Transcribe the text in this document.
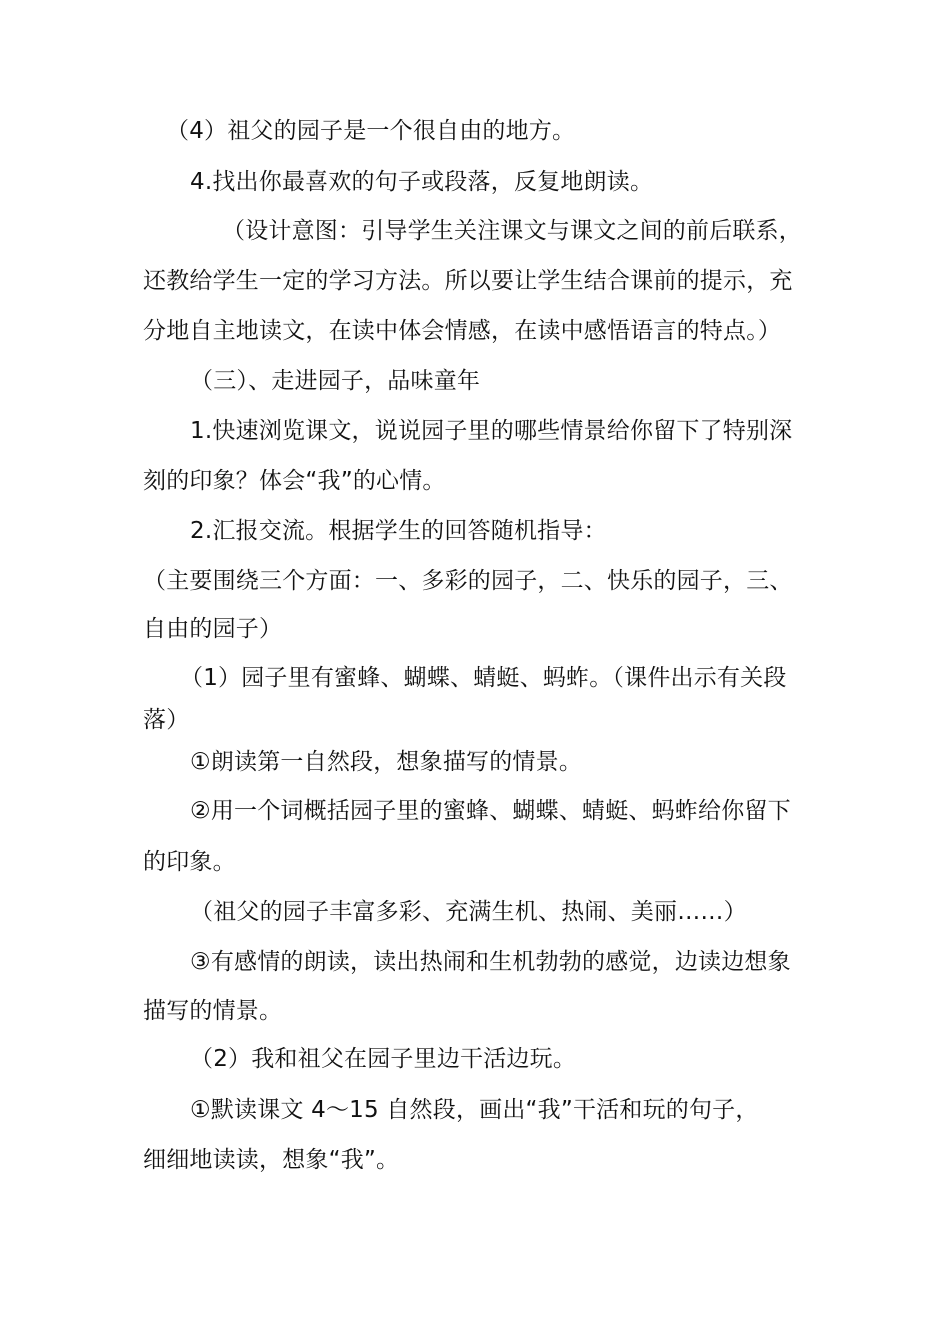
（4）祖父的园子是一个很自由的地方。
4.找出你最喜欢的句子或段落，反复地朗读。
（设计意图：引导学生关注课文与课文之间的前后联系，
还教给学生一定的学习方法。所以要让学生结合课前的提示，充
分地自主地读文，在读中体会情感，在读中感悟语言的特点。）
（三）、走进园子，品味童年
1.快速浏览课文，说说园子里的哪些情景给你留下了特别深
刻的印象？体会“我”的心情。
2.汇报交流。根据学生的回答随机指导：
（主要围绕三个方面：一、多彩的园子，二、快乐的园子，三、
自由的园子）
（1）园子里有蜜蜂、蝴蝶、蜻蜓、蚂蚱。（课件出示有关段
落）
①朗读第一自然段，想象描写的情景。
②用一个词概括园子里的蜜蜂、蝴蝶、蜻蜓、蚂蚱给你留下
的印象。
（祖父的园子丰富多彩、充满生机、热闹、美丽……）
③有感情的朗读，读出热闹和生机勃勃的感觉，边读边想象
描写的情景。
（2）我和祖父在园子里边干活边玩。
①默读课文 4～15 自然段，画出“我”干活和玩的句子，
细细地读读，想象“我”。
